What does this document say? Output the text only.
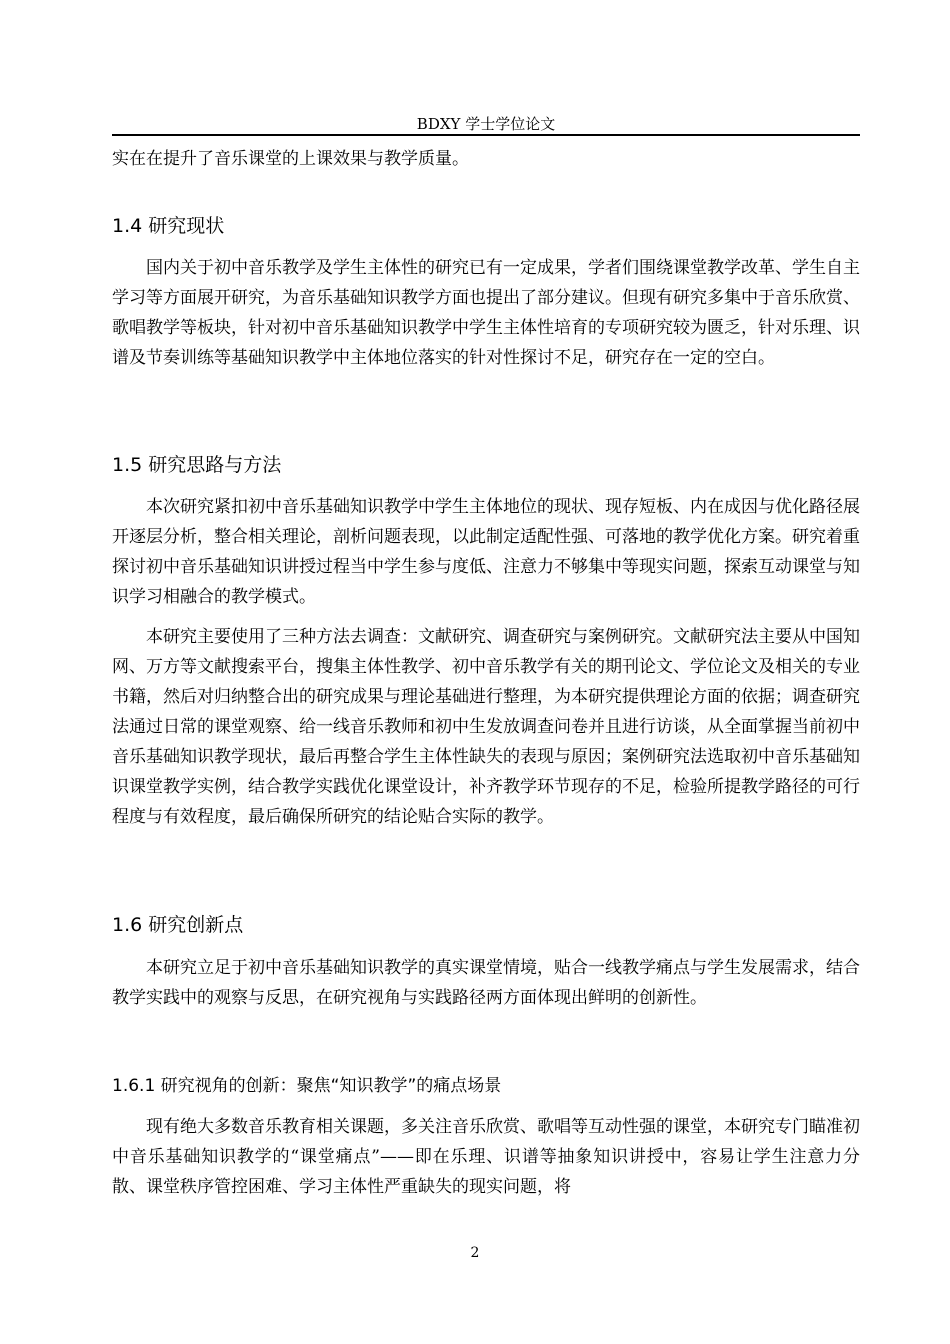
BDXY 学士学位论文

实在在提升了音乐课堂的上课效果与教学质量。

1.4 研究现状

国内关于初中音乐教学及学生主体性的研究已有一定成果，学者们围绕课堂教学改革、学生自主学习等方面展开研究，为音乐基础知识教学方面也提出了部分建议。但现有研究多集中于音乐欣赏、歌唱教学等板块，针对初中音乐基础知识教学中学生主体性培育的专项研究较为匮乏，针对乐理、识谱及节奏训练等基础知识教学中主体地位落实的针对性探讨不足，研究存在一定的空白。

1.5 研究思路与方法

本次研究紧扣初中音乐基础知识教学中学生主体地位的现状、现存短板、内在成因与优化路径展开逐层分析，整合相关理论，剖析问题表现，以此制定适配性强、可落地的教学优化方案。研究着重探讨初中音乐基础知识讲授过程当中学生参与度低、注意力不够集中等现实问题，探索互动课堂与知识学习相融合的教学模式。

本研究主要使用了三种方法去调查：文献研究、调查研究与案例研究。文献研究法主要从中国知网、万方等文献搜索平台，搜集主体性教学、初中音乐教学有关的期刊论文、学位论文及相关的专业书籍，然后对归纳整合出的研究成果与理论基础进行整理，为本研究提供理论方面的依据；调查研究法通过日常的课堂观察、给一线音乐教师和初中生发放调查问卷并且进行访谈，从全面掌握当前初中音乐基础知识教学现状，最后再整合学生主体性缺失的表现与原因；案例研究法选取初中音乐基础知识课堂教学实例，结合教学实践优化课堂设计，补齐教学环节现存的不足，检验所提教学路径的可行程度与有效程度，最后确保所研究的结论贴合实际的教学。

1.6 研究创新点

本研究立足于初中音乐基础知识教学的真实课堂情境，贴合一线教学痛点与学生发展需求，结合教学实践中的观察与反思，在研究视角与实践路径两方面体现出鲜明的创新性。

1.6.1 研究视角的创新：聚焦“知识教学”的痛点场景

现有绝大多数音乐教育相关课题，多关注音乐欣赏、歌唱等互动性强的课堂，本研究专门瞄准初中音乐基础知识教学的“课堂痛点”——即在乐理、识谱等抽象知识讲授中，容易让学生注意力分散、课堂秩序管控困难、学习主体性严重缺失的现实问题，将

2
